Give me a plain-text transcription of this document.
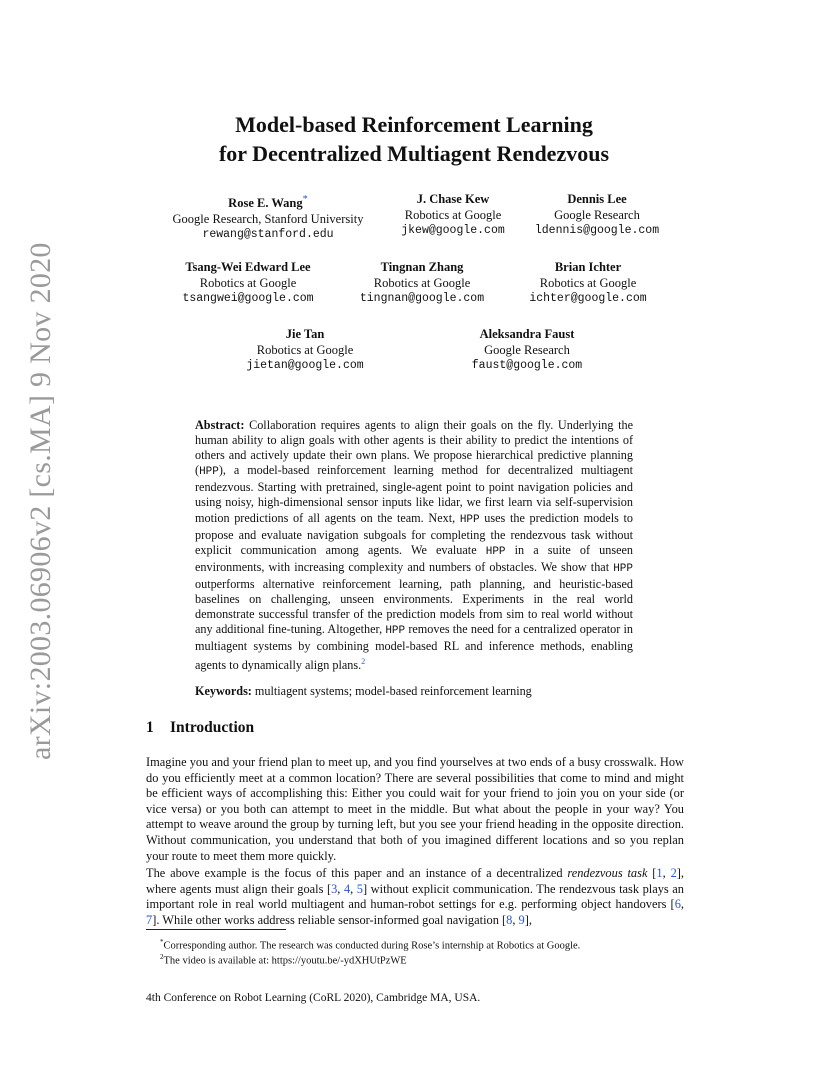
arXiv:2003.06906v2 [cs.MA] 9 Nov 2020
Model-based Reinforcement Learning
for Decentralized Multiagent Rendezvous
Rose E. Wang*
Google Research, Stanford University
rewang@stanford.edu
J. Chase Kew
Robotics at Google
jkew@google.com
Dennis Lee
Google Research
ldennis@google.com
Tsang-Wei Edward Lee
Robotics at Google
tsangwei@google.com
Tingnan Zhang
Robotics at Google
tingnan@google.com
Brian Ichter
Robotics at Google
ichter@google.com
Jie Tan
Robotics at Google
jietan@google.com
Aleksandra Faust
Google Research
faust@google.com
Abstract: Collaboration requires agents to align their goals on the fly. Underlying the human ability to align goals with other agents is their ability to predict the intentions of others and actively update their own plans. We propose hierarchical predictive planning (HPP), a model-based reinforcement learning method for decentralized multiagent rendezvous. Starting with pretrained, single-agent point to point navigation policies and using noisy, high-dimensional sensor inputs like lidar, we first learn via self-supervision motion predictions of all agents on the team. Next, HPP uses the prediction models to propose and evaluate navigation subgoals for completing the rendezvous task without explicit communication among agents. We evaluate HPP in a suite of unseen environments, with increasing complexity and numbers of obstacles. We show that HPP outperforms alternative reinforcement learning, path planning, and heuristic-based baselines on challenging, unseen environments. Experiments in the real world demonstrate successful transfer of the prediction models from sim to real world without any additional fine-tuning. Altogether, HPP removes the need for a centralized operator in multiagent systems by combining model-based RL and inference methods, enabling agents to dynamically align plans.$^2$
Keywords: multiagent systems; model-based reinforcement learning
1 Introduction
Imagine you and your friend plan to meet up, and you find yourselves at two ends of a busy crosswalk. How do you efficiently meet at a common location? There are several possibilities that come to mind and might be efficient ways of accomplishing this: Either you could wait for your friend to join you on your side (or vice versa) or you both can attempt to meet in the middle. But what about the people in your way? You attempt to weave around the group by turning left, but you see your friend heading in the opposite direction. Without communication, you understand that both of you imagined different locations and so you replan your route to meet them more quickly.
The above example is the focus of this paper and an instance of a decentralized rendezvous task [1, 2], where agents must align their goals [3, 4, 5] without explicit communication. The rendezvous task plays an important role in real world multiagent and human-robot settings for e.g. performing object handovers [6, 7]. While other works address reliable sensor-informed goal navigation [8, 9],
*Corresponding author. The research was conducted during Rose’s internship at Robotics at Google.
$^2$The video is available at: https://youtu.be/-ydXHUtPzWE
4th Conference on Robot Learning (CoRL 2020), Cambridge MA, USA.
